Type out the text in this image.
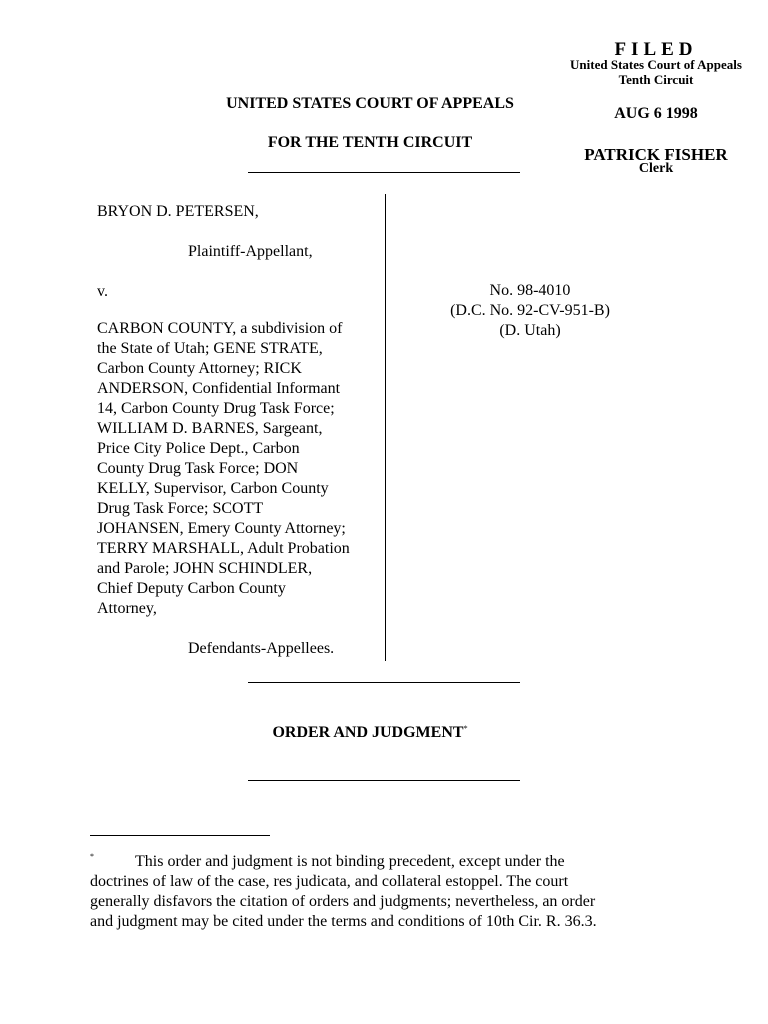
FILED
United States Court of Appeals
Tenth Circuit
AUG 6 1998
PATRICK FISHER
Clerk
UNITED STATES COURT OF APPEALS
FOR THE TENTH CIRCUIT
BRYON D. PETERSEN,
Plaintiff-Appellant,
v.
CARBON COUNTY, a subdivision of
the State of Utah; GENE STRATE,
Carbon County Attorney; RICK
ANDERSON, Confidential Informant
14, Carbon County Drug Task Force;
WILLIAM D. BARNES, Sargeant,
Price City Police Dept., Carbon
County Drug Task Force; DON
KELLY, Supervisor, Carbon County
Drug Task Force; SCOTT
JOHANSEN, Emery County Attorney;
TERRY MARSHALL, Adult Probation
and Parole; JOHN SCHINDLER,
Chief Deputy Carbon County
Attorney,
Defendants-Appellees.
No. 98-4010
(D.C. No. 92-CV-951-B)
(D. Utah)
ORDER AND JUDGMENT*
*	This order and judgment is not binding precedent, except under the
doctrines of law of the case, res judicata, and collateral estoppel. The court
generally disfavors the citation of orders and judgments; nevertheless, an order
and judgment may be cited under the terms and conditions of 10th Cir. R. 36.3.
